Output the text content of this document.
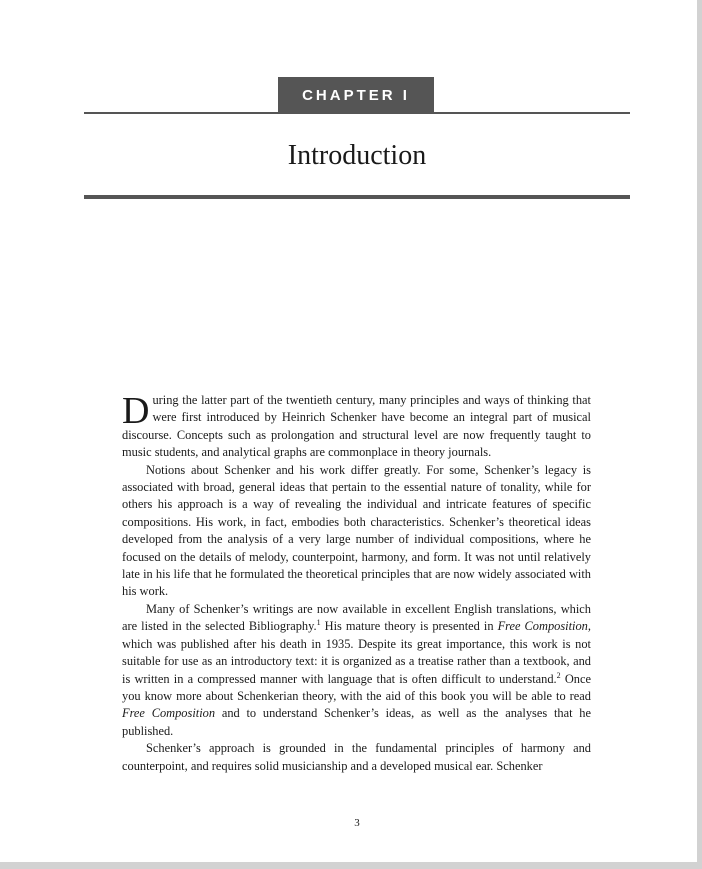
CHAPTER I
Introduction

During the latter part of the twentieth century, many principles and ways of thinking that were first introduced by Heinrich Schenker have become an integral part of musical discourse. Concepts such as prolongation and structural level are now frequently taught to music students, and analytical graphs are commonplace in theory journals.

Notions about Schenker and his work differ greatly. For some, Schenker’s legacy is associated with broad, general ideas that pertain to the essential nature of tonality, while for others his approach is a way of revealing the individual and intricate features of specific compositions. His work, in fact, embodies both characteristics. Schenker’s theoretical ideas developed from the analysis of a very large number of individual compositions, where he focused on the details of melody, counterpoint, harmony, and form. It was not until relatively late in his life that he formulated the theoretical principles that are now widely associated with his work.

Many of Schenker’s writings are now available in excellent English translations, which are listed in the selected Bibliography.$^1$ His mature theory is presented in Free Composition, which was published after his death in 1935. Despite its great importance, this work is not suitable for use as an introductory text: it is organized as a treatise rather than a textbook, and is written in a compressed manner with language that is often difficult to understand.$^2$ Once you know more about Schenkerian theory, with the aid of this book you will be able to read Free Composition and to understand Schenker’s ideas, as well as the analyses that he published.

Schenker’s approach is grounded in the fundamental principles of harmony and counterpoint, and requires solid musicianship and a developed musical ear. Schenker

3
